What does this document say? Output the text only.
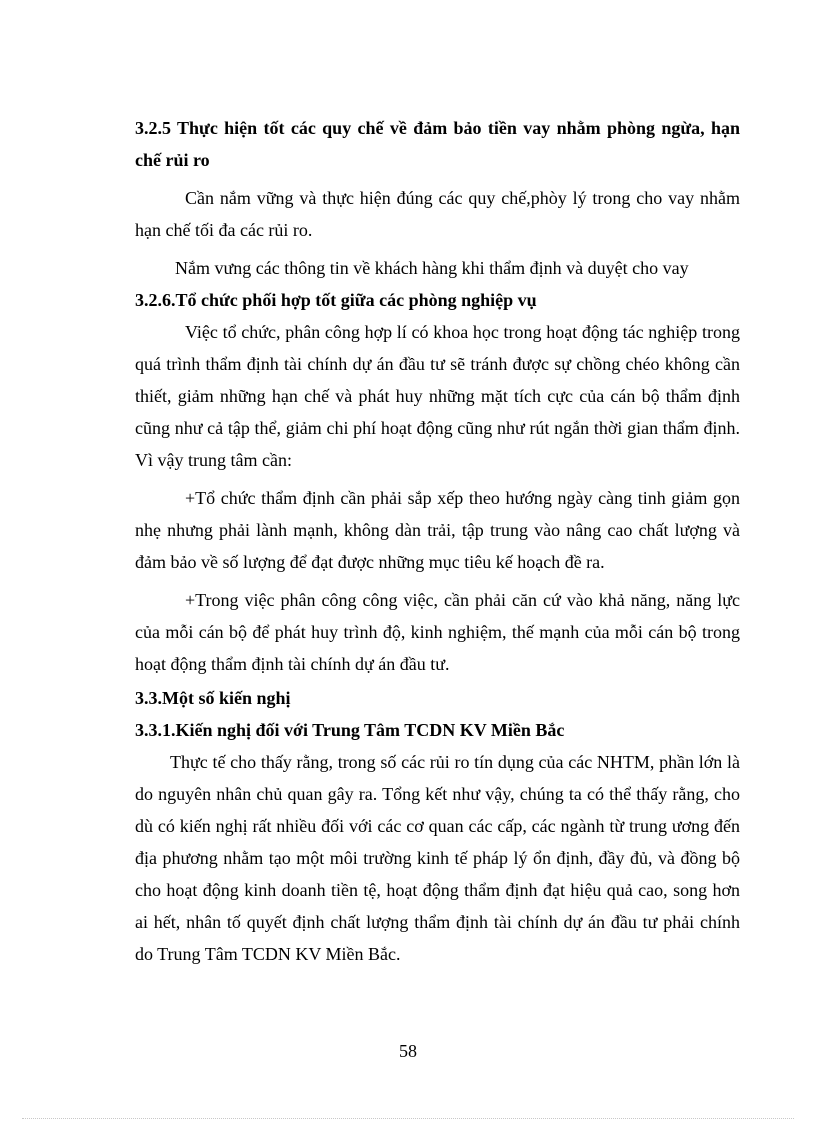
3.2.5 Thực hiện tốt các quy chế về đảm bảo tiền vay nhằm phòng ngừa, hạn chế rủi ro

Cần nắm vững và thực hiện đúng các quy chế,phòy lý trong cho vay nhằm hạn chế tối đa các rủi ro.

Nắm vưng các thông tin về khách hàng khi thẩm định và duyệt cho vay

3.2.6.Tổ chức phối hợp tốt giữa các phòng nghiệp vụ

Việc tổ chức, phân công hợp lí có khoa học trong hoạt động tác nghiệp trong quá trình thẩm định tài chính dự án đầu tư sẽ tránh được sự chồng chéo không cần thiết, giảm những hạn chế và phát huy những mặt tích cực của cán bộ thẩm định cũng như cả tập thể, giảm chi phí hoạt động cũng như rút ngắn thời gian thẩm định. Vì vậy trung tâm cần:

+Tổ chức thẩm định cần phải sắp xếp theo hướng ngày càng tinh giảm gọn nhẹ nhưng phải lành mạnh, không dàn trải, tập trung vào nâng cao chất lượng và đảm bảo về số lượng để đạt được những mục tiêu kế hoạch đề ra.

+Trong việc phân công công việc, cần phải căn cứ vào khả năng, năng lực của mỗi cán bộ để phát huy trình độ, kinh nghiệm, thế mạnh của mỗi cán bộ trong hoạt động thẩm định tài chính dự án đầu tư.

3.3.Một số kiến nghị

3.3.1.Kiến nghị đối với Trung Tâm TCDN KV Miền Bắc

Thực tế cho thấy rằng, trong số các rủi ro tín dụng của các NHTM, phần lớn là do nguyên nhân chủ quan gây ra. Tổng kết như vậy, chúng ta có thể thấy rằng, cho dù có kiến nghị rất nhiều đối với các cơ quan các cấp, các ngành từ trung ương đến địa phương nhằm tạo một môi trường kinh tế pháp lý ổn định, đầy đủ, và đồng bộ cho hoạt động kinh doanh tiền tệ, hoạt động thẩm định đạt hiệu quả cao, song hơn ai hết, nhân tố quyết định chất lượng thẩm định tài chính dự án đầu tư phải chính do Trung Tâm TCDN KV Miền Bắc.

58
